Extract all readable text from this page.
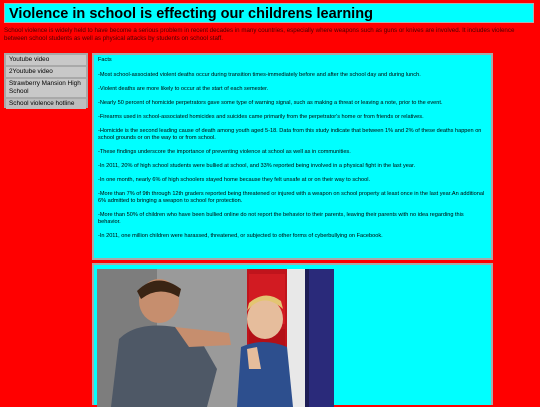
Violence in school is effecting our childrens learning
School violence is widely held to have become a serious problem in recent decades in many countries, especially where weapons such as guns or knives are involved. It includes violence between school students as well as physical attacks by students on school staff.
Youtube video
2Youtube video
Strawberry Mansion High School
School violence hotline

Facts

-Most school-associated violent deaths occur during transition times-immediately before and after the school day and during lunch.

-Violent deaths are more likely to occur at the start of each semester.

-Nearly 50 percent of homicide perpetrators gave some type of warning signal, such as making a threat or leaving a note, prior to the event.

-Firearms used in school-associated homicides and suicides came primarily from the perpetrator's home or from friends or relatives.

-Homicide is the second leading cause of death among youth aged 5-18. Data from this study indicate that between 1% and 2% of these deaths happen on school grounds or on the way to or from school.

-These findings underscore the importance of preventing violence at school as well as in communities.

-In 2011, 20% of high school students were bullied at school, and 33% reported being involved in a physical fight in the last year.

-In one month, nearly 6% of high schoolers stayed home because they felt unsafe at or on their way to school.

-More than 7% of 9th through 12th graders reported being threatened or injured with a weapon on school property at least once in the last year.An additional 6% admitted to bringing a weapon to school for protection.

-More than 50% of children who have been bullied online do not report the behavior to their parents, leaving their parents with no idea regarding this behavior.

-In 2011, one million children were harassed, threatened, or subjected to other forms of cyberbullying on Facebook.
